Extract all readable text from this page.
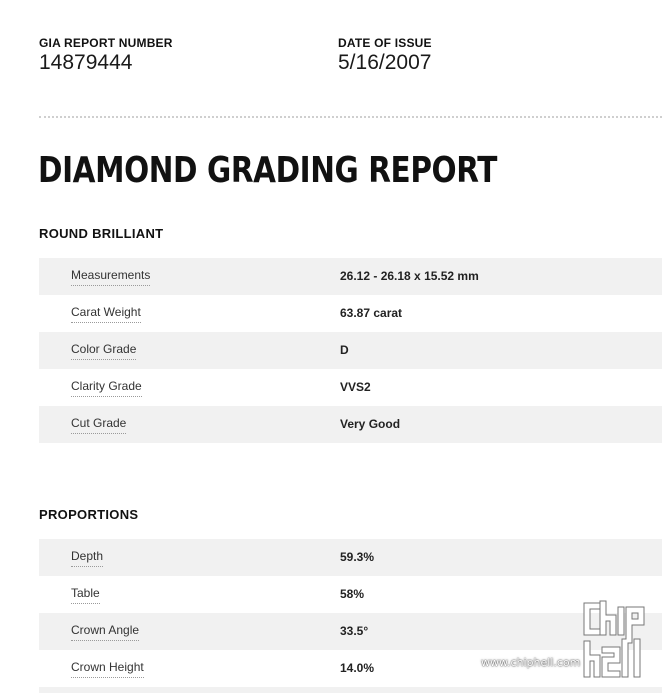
GIA REPORT NUMBER
14879444
DATE OF ISSUE
5/16/2007
DIAMOND GRADING REPORT
ROUND BRILLIANT
Measurements	26.12 - 26.18 x 15.52 mm
Carat Weight	63.87 carat
Color Grade	D
Clarity Grade	VVS2
Cut Grade	Very Good
PROPORTIONS
Depth	59.3%
Table	58%
Crown Angle	33.5°
Crown Height	14.0%	www.chiphell.com
